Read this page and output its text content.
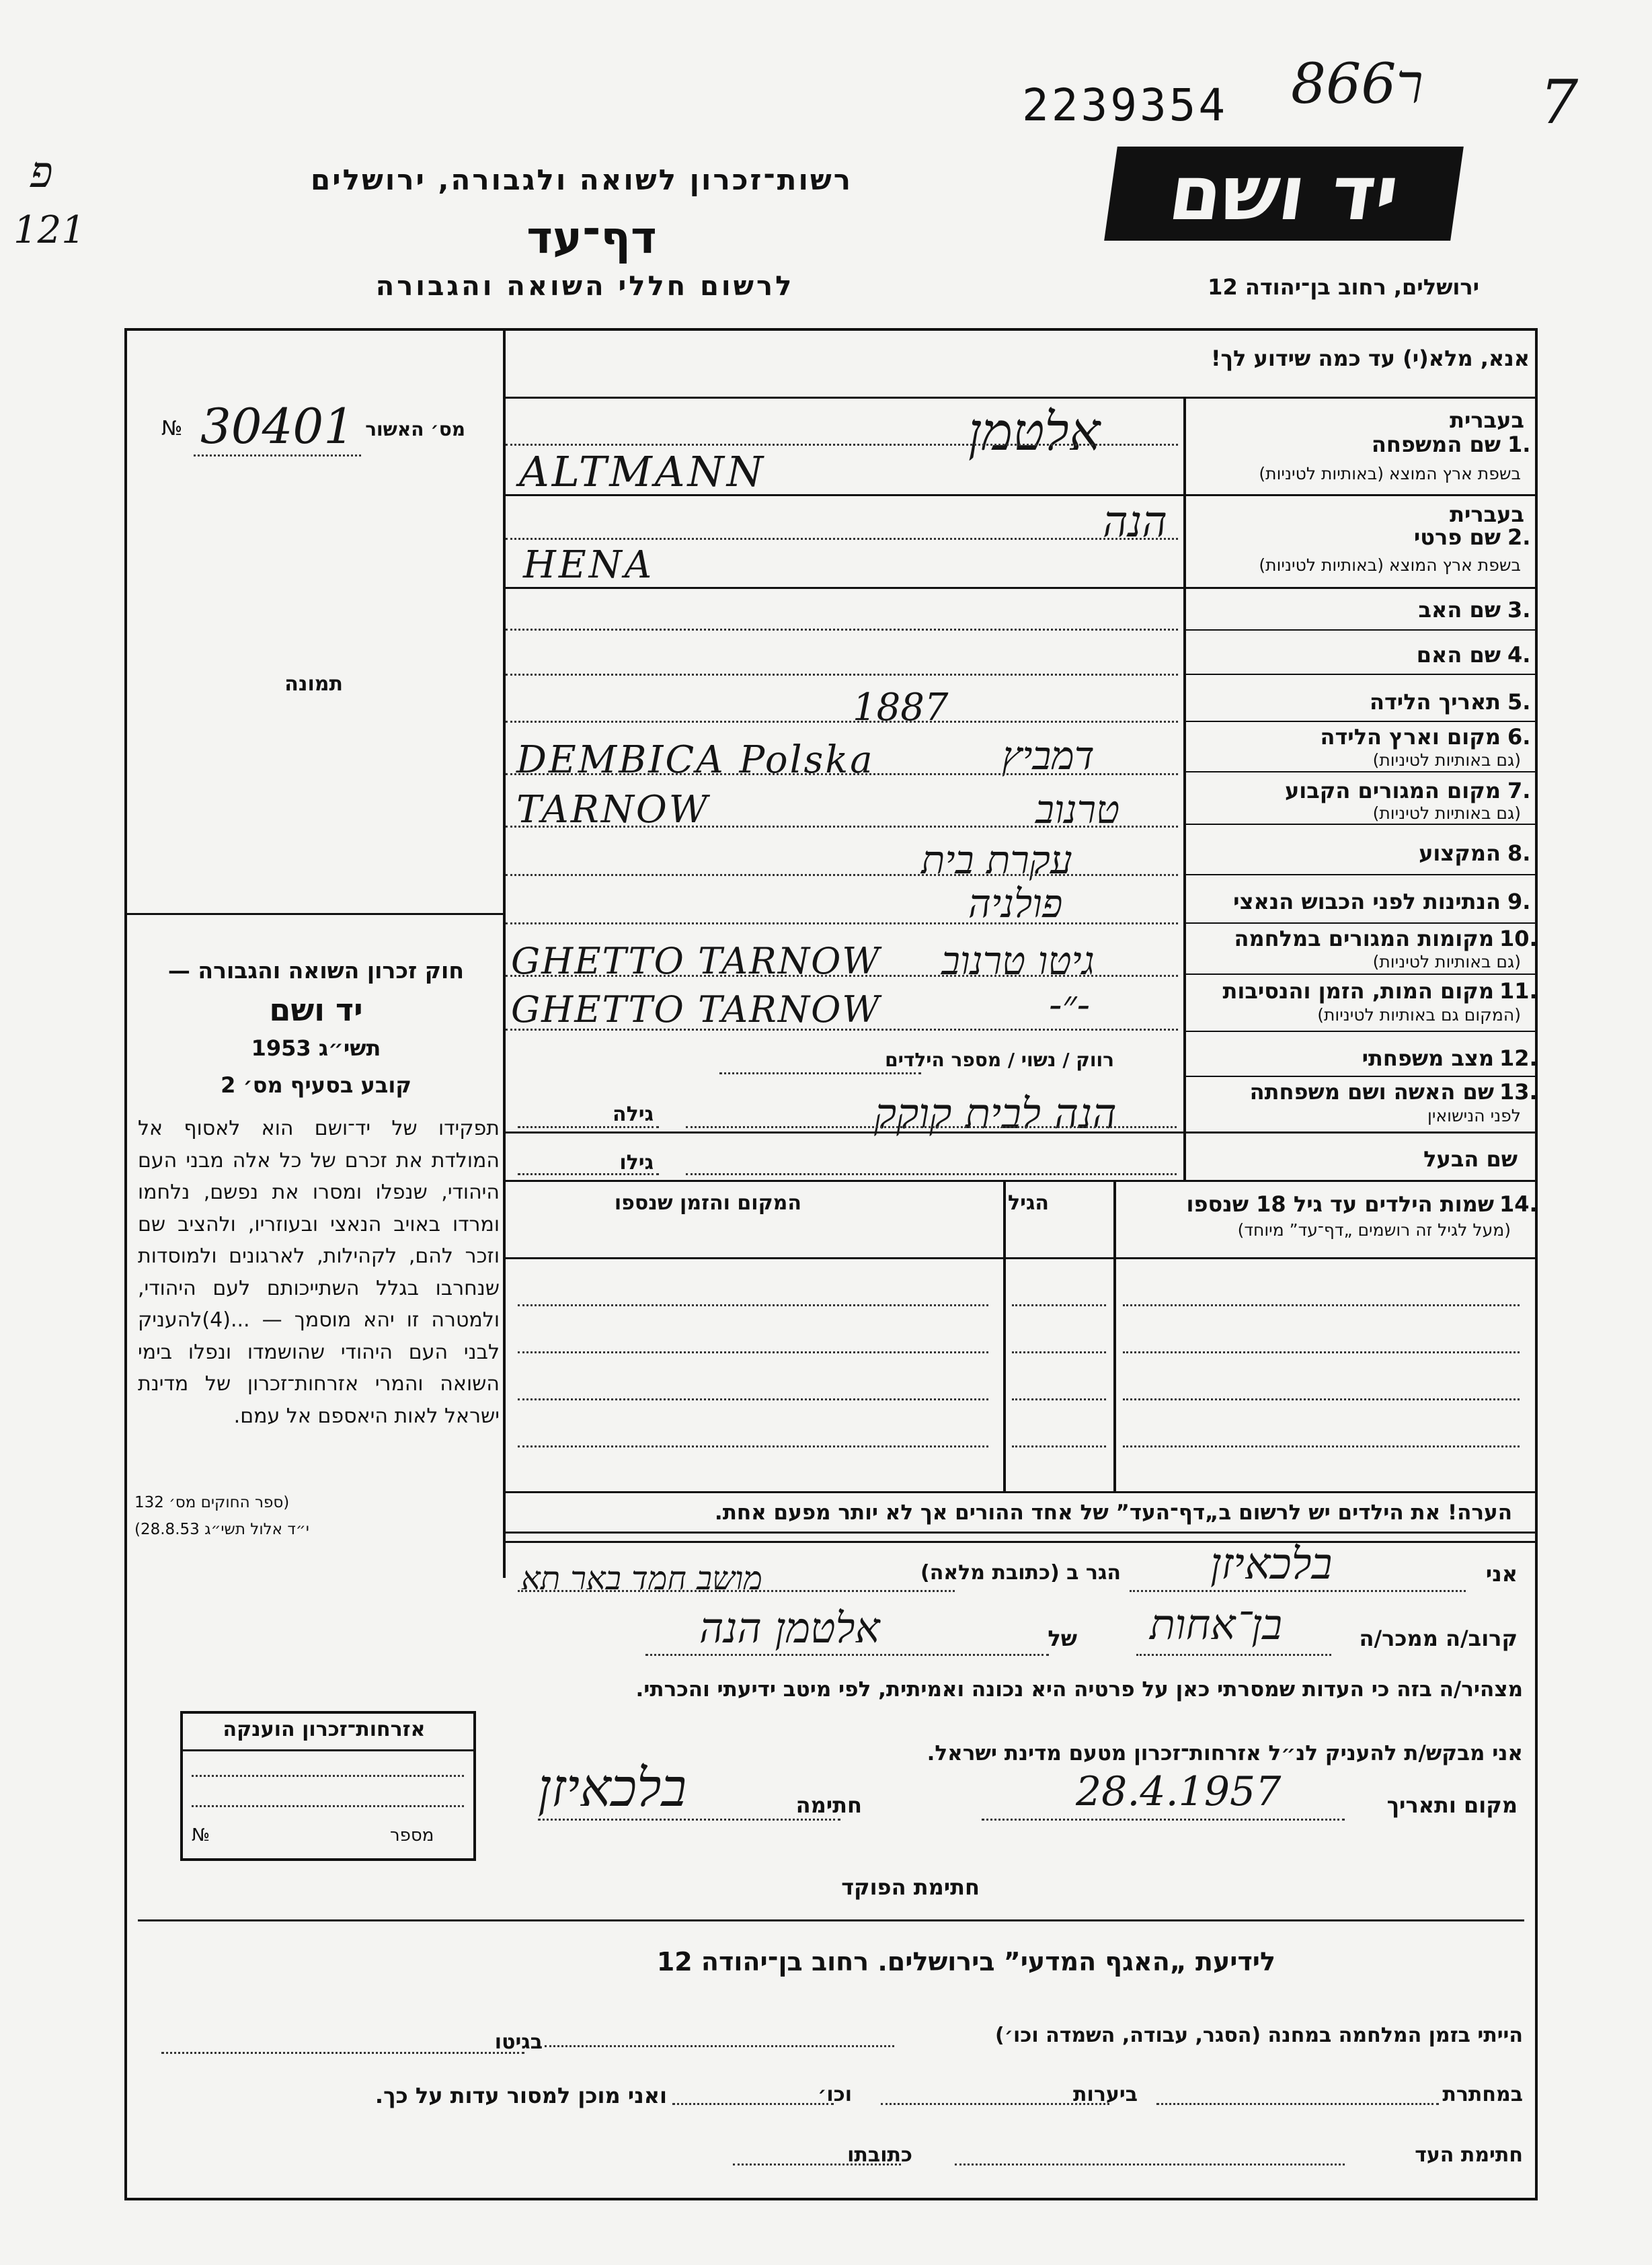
2239354 866ר 7
פ
121
רשות־זכרון לשואה ולגבורה, ירושלים
דף־עד
לרשום חללי השואה והגבורה
יד ושם
ירושלים, רחוב בן־יהודה 12
אנא, מלא(י) עד כמה שידוע לך!
מס׳ האשור
№ 30401
תמונה
חוק זכרון השואה והגבורה —
יד ושם
תשי״ג 1953
קובע בסעיף מס׳ 2
תפקידו של יד־ושם הוא לאסוף אל המולדת את זכרם של כל אלה מבני העם היהודי, שנפלו ומסרו את נפשם, נלחמו ומרדו באויב הנאצי ובעוזריו, ולהציב שם וזכר להם, לקהילות, לארגונים ולמוסדות שנחרבו בגלל השתייכותם לעם היהודי, ולמטרה זו יהא מוסמך — ...(4)להעניק לבני העם היהודי שהושמדו ונפלו בימי השואה והמרי אזרחות־זכרון של מדינת ישראל לאות היאספם אל עמם.
(ספר החוקים מס׳ 132
י״ד אלול תשי״ג 28.8.53)
אזרחות־זכרון הוענקה
מספר
№
בעברית
1.
שם המשפחה
בשפת ארץ המוצא (באותיות לטיניות)
אלטמן
ALTMANN
בעברית
2.
שם פרטי
בשפת ארץ המוצא (באותיות לטיניות)
הנה
HENA
3.
שם האב
4.
שם האם
5.
תאריך הלידה
1887
6.
מקום וארץ הלידה
(גם באותיות לטיניות)
דמביץ
DEMBICA Polska
7.
מקום המגורים הקבוע
(גם באותיות לטיניות)
טרנוב
TARNOW
8.
המקצוע
עקרת בית
9.
הנתינות לפני הכבוש הנאצי
פולניה
10.
מקומות המגורים במלחמה
(גם באותיות לטיניות)
גיטו טרנוב
GHETTO TARNOW
11.
מקום המות, הזמן והנסיבות
(המקום גם באותיות לטיניות)
-״-
GHETTO TARNOW
12.
מצב משפחתי
רווק / נשוי / מספר הילדים
13.
שם האשה ושם משפחתה
לפני הנישואין
גילה	הנה לבית קוקק
שם הבעל
גילו
14.
שמות הילדים עד גיל 18 שנספו
(מעל לגיל זה רושמים „דף־עד” מיוחד)
הגיל
המקום והזמן שנספו
הערה! את הילדים יש לרשום ב„דף־העד” של אחד ההורים אך לא יותר מפעם אחת.
אני
בלכאיזן
הגר ב (כתובת מלאה)
מושב חמד באר תא
קרוב/ה ממכר/ה
בן־אחות
של
אלטמן הנה
מצהיר/ה בזה כי העדות שמסרתי כאן על פרטיה היא נכונה ואמיתית, לפי מיטב ידיעתי והכרתי.
אני מבקש/ת להעניק לנ״ל אזרחות־זכרון מטעם מדינת ישראל.
מקום ותאריך
28.4.1957
חתימה
בלכאיזן
חתימת הפוקד
לידיעת „האגף המדעי” בירושלים. רחוב בן־יהודה 12
הייתי בזמן המלחמה במחנה (הסגר, עבודה, השמדה וכו׳)
בגיטו
במחתרת
ביערות
וכו׳
ואני מוכן למסור עדות על כך.
חתימת העד
כתובתו
